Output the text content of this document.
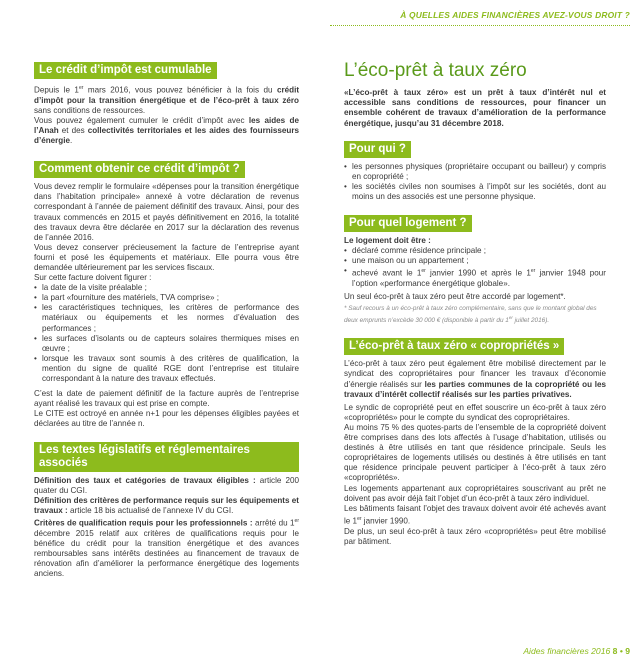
À QUELLES AIDES FINANCIÈRES AVEZ-VOUS DROIT ?
Le crédit d’impôt est cumulable

Depuis le 1er mars 2016, vous pouvez bénéficier à la fois du crédit d’impôt pour la transition énergétique et de l’éco-prêt à taux zéro sans conditions de ressources.

Vous pouvez également cumuler le crédit d’impôt avec les aides de l’Anah et des collectivités territoriales et les aides des fournisseurs d’énergie.

Comment obtenir ce crédit d’impôt ?

Vous devez remplir le formulaire «dépenses pour la transition énergétique dans l’habitation principale» annexé à votre déclaration de revenus correspondant à l’année de paiement définitif des travaux. Ainsi, pour des travaux commencés en 2015 et payés définitivement en 2016, la totalité des travaux devra être déclarée en 2017 sur la déclaration des revenus de l’année 2016.

Vous devez conserver précieusement la facture de l’entreprise ayant fourni et posé les équipements et matériaux. Elle pourra vous être demandée ultérieurement par les services fiscaux.

Sur cette facture doivent figurer :

• la date de la visite préalable ;
• la part «fourniture des matériels, TVA comprise» ;
• les caractéristiques techniques, les critères de performance des matériaux ou équipements et les normes d’évaluation des performances ;
• les surfaces d’isolants ou de capteurs solaires thermiques mises en œuvre ;
• lorsque les travaux sont soumis à des critères de qualification, la mention du signe de qualité RGE dont l’entreprise est titulaire correspondant à la nature des travaux effectués.

C’est la date de paiement définitif de la facture auprès de l’entreprise ayant réalisé les travaux qui est prise en compte.

Le CITE est octroyé en année n+1 pour les dépenses éligibles payées et déclarées au titre de l’année n.

Les textes législatifs et réglementaires associés

Définition des taux et catégories de travaux éligibles : article 200 quater du CGI.

Définition des critères de performance requis sur les équipements et travaux : article 18 bis actualisé de l’annexe IV du CGI.

Critères de qualification requis pour les professionnels : arrêté du 1er décembre 2015 relatif aux critères de qualifications requis pour le bénéfice du crédit pour la transition énergétique et des avances remboursables sans intérêts destinées au financement de travaux de rénovation afin d’améliorer la performance énergétique des logements anciens.

L’éco-prêt à taux zéro

«L’éco-prêt à taux zéro» est un prêt à taux d’intérêt nul et accessible sans conditions de ressources, pour financer un ensemble cohérent de travaux d’amélioration de la performance énergétique, jusqu’au 31 décembre 2018.

Pour qui ?
• les personnes physiques (propriétaire occupant ou bailleur) y compris en copropriété ;
• les sociétés civiles non soumises à l’impôt sur les sociétés, dont au moins un des associés est une personne physique.
Pour quel logement ?

Le logement doit être :

• déclaré comme résidence principale ;
• une maison ou un appartement ;
• achevé avant le 1er janvier 1990 et après le 1er janvier 1948 pour l’option «performance énergétique globale».

Un seul éco-prêt à taux zéro peut être accordé par logement*.

* Sauf recours à un éco-prêt à taux zéro complémentaire, sans que le montant global des deux emprunts n’excède 30 000 € (disponible à partir du 1er juillet 2016).

L’éco-prêt à taux zéro « copropriétés »

L’éco-prêt à taux zéro peut également être mobilisé directement par le syndicat des copropriétaires pour financer les travaux d’économie d’énergie réalisés sur les parties communes de la copropriété ou les travaux d’intérêt collectif réalisés sur les parties privatives.

Le syndic de copropriété peut en effet souscrire un éco-prêt à taux zéro «copropriétés» pour le compte du syndicat des copropriétaires.

Au moins 75 % des quotes-parts de l’ensemble de la copropriété doivent être comprises dans des lots affectés à l’usage d’habitation, utilisés ou destinés à être utilisés en tant que résidence principale. Seuls les copropriétaires de logements utilisés ou destinés à être utilisés en tant que résidence principale peuvent participer à l’éco-prêt à taux zéro «copropriétés».

Les logements appartenant aux copropriétaires souscrivant au prêt ne doivent pas avoir déjà fait l’objet d’un éco-prêt à taux zéro individuel.

Les bâtiments faisant l’objet des travaux doivent avoir été achevés avant le 1er janvier 1990.

De plus, un seul éco-prêt à taux zéro «copropriétés» peut être mobilisé par bâtiment.

Aides financières 2016 8 • 9
